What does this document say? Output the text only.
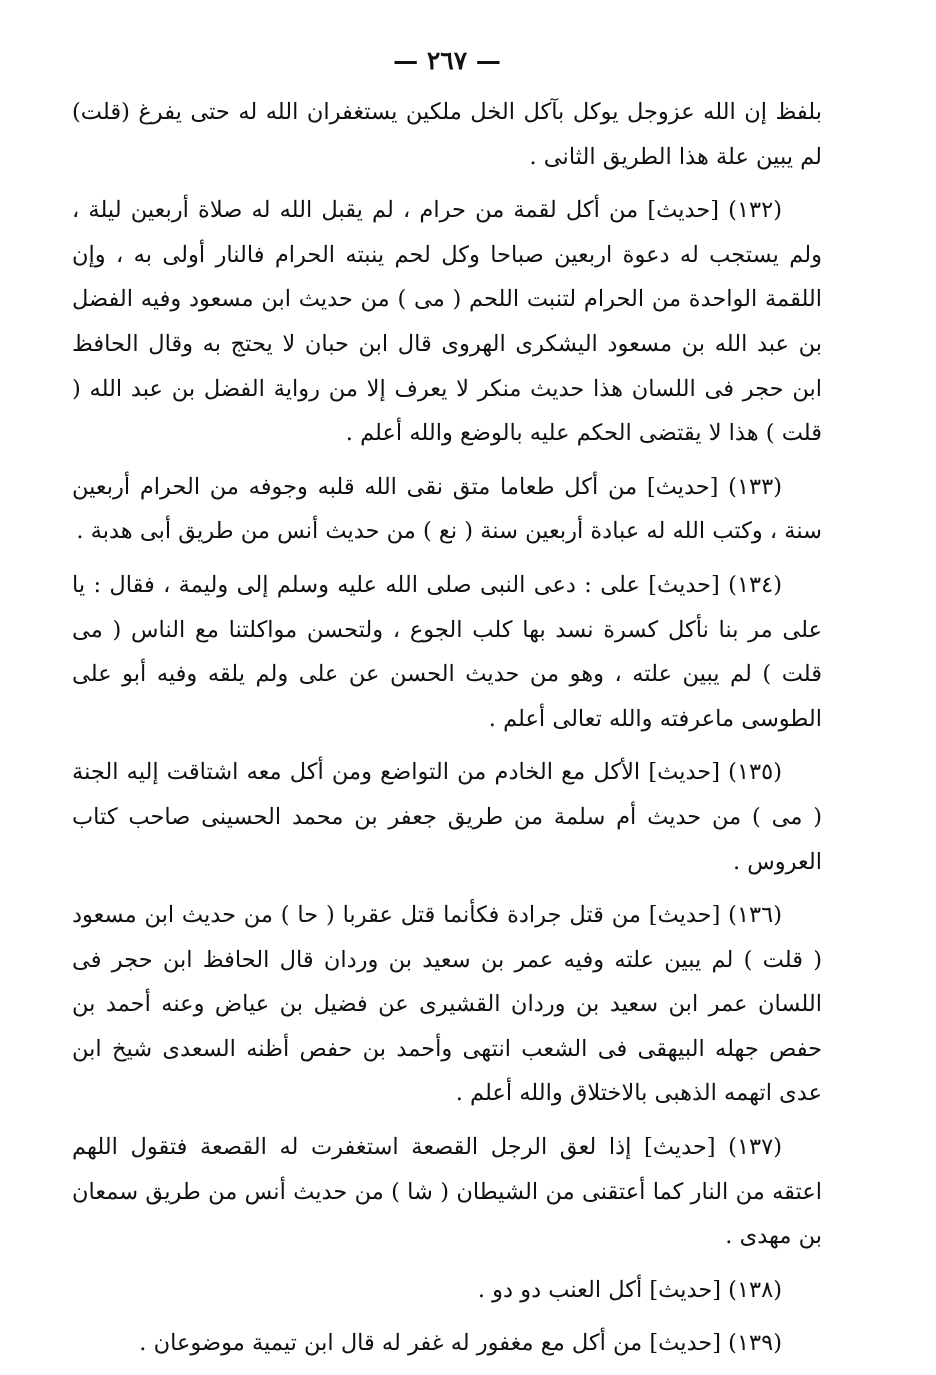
— ٢٦٧ —

بلفظ إن الله عزوجل يوكل بآكل الخل ملكين يستغفران الله له حتى يفرغ (قلت) لم يبين علة هذا الطريق الثانى .

(١٣٢) [حديث] من أكل لقمة من حرام ، لم يقبل الله له صلاة أربعين ليلة ، ولم يستجب له دعوة اربعين صباحا وكل لحم ينبته الحرام فالنار أولى به ، وإن اللقمة الواحدة من الحرام لتنبت اللحم ( مى ) من حديث ابن مسعود وفيه الفضل بن عبد الله بن مسعود اليشكرى الهروى قال ابن حبان لا يحتج به وقال الحافظ ابن حجر فى اللسان هذا حديث منكر لا يعرف إلا من رواية الفضل بن عبد الله ( قلت ) هذا لا يقتضى الحكم عليه بالوضع والله أعلم .

(١٣٣) [حديث] من أكل طعاما متق نقى الله قلبه وجوفه من الحرام أربعين سنة ، وكتب الله له عبادة أربعين سنة ( نع ) من حديث أنس من طريق أبى هدبة .

(١٣٤) [حديث] على : دعى النبى صلى الله عليه وسلم إلى وليمة ، فقال : يا على مر بنا نأكل كسرة نسد بها كلب الجوع ، ولتحسن مواكلتنا مع الناس ( مى قلت ) لم يبين علته ، وهو من حديث الحسن عن على ولم يلقه وفيه أبو على الطوسى ماعرفته والله تعالى أعلم .

(١٣٥) [حديث] الأكل مع الخادم من التواضع ومن أكل معه اشتاقت إليه الجنة ( مى ) من حديث أم سلمة من طريق جعفر بن محمد الحسينى صاحب كتاب العروس .

(١٣٦) [حديث] من قتل جرادة فكأنما قتل عقربا ( حا ) من حديث ابن مسعود ( قلت ) لم يبين علته وفيه عمر بن سعيد بن وردان قال الحافظ ابن حجر فى اللسان عمر ابن سعيد بن وردان القشيرى عن فضيل بن عياض وعنه أحمد بن حفص جهله البيهقى فى الشعب انتهى وأحمد بن حفص أظنه السعدى شيخ ابن عدى اتهمه الذهبى بالاختلاق والله أعلم .

(١٣٧) [حديث] إذا لعق الرجل القصعة استغفرت له القصعة فتقول اللهم اعتقه من النار كما أعتقنى من الشيطان ( شا ) من حديث أنس من طريق سمعان بن مهدى .

(١٣٨) [حديث] أكل العنب دو دو .

(١٣٩) [حديث] من أكل مع مغفور له غفر له قال ابن تيمية موضوعان .
